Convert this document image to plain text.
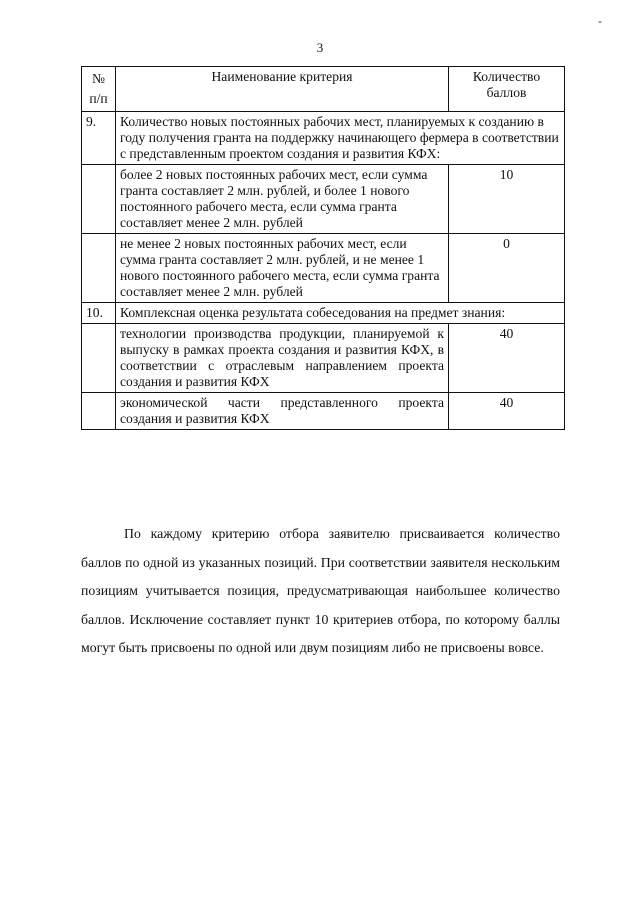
3
-
№ п/п	Наименование критерия	Количество баллов
9.	Количество новых постоянных рабочих мест, планируемых к созданию в году получения гранта на поддержку начинающего фермера в соответствии с представленным проектом создания и развития КФХ:	
	более 2 новых постоянных рабочих мест, если сумма гранта составляет 2 млн. рублей, и более 1 нового постоянного рабочего места, если сумма гранта составляет менее 2 млн. рублей	10
	не менее 2 новых постоянных рабочих мест, если сумма гранта составляет 2 млн. рублей, и не менее 1 нового постоянного рабочего места, если сумма гранта составляет менее 2 млн. рублей	0
10.	Комплексная оценка результата собеседования на предмет знания:	
	технологии производства продукции, планируемой к выпуску в рамках проекта создания и развития КФХ, в соответствии с отраслевым направлением проекта создания и развития КФХ	40
	экономической части представленного проекта создания и развития КФХ	40
По каждому критерию отбора заявителю присваивается количество баллов по одной из указанных позиций. При соответствии заявителя нескольким позициям учитывается позиция, предусматривающая наибольшее количество баллов. Исключение составляет пункт 10 критериев отбора, по которому баллы могут быть присвоены по одной или двум позициям либо не присвоены вовсе.
